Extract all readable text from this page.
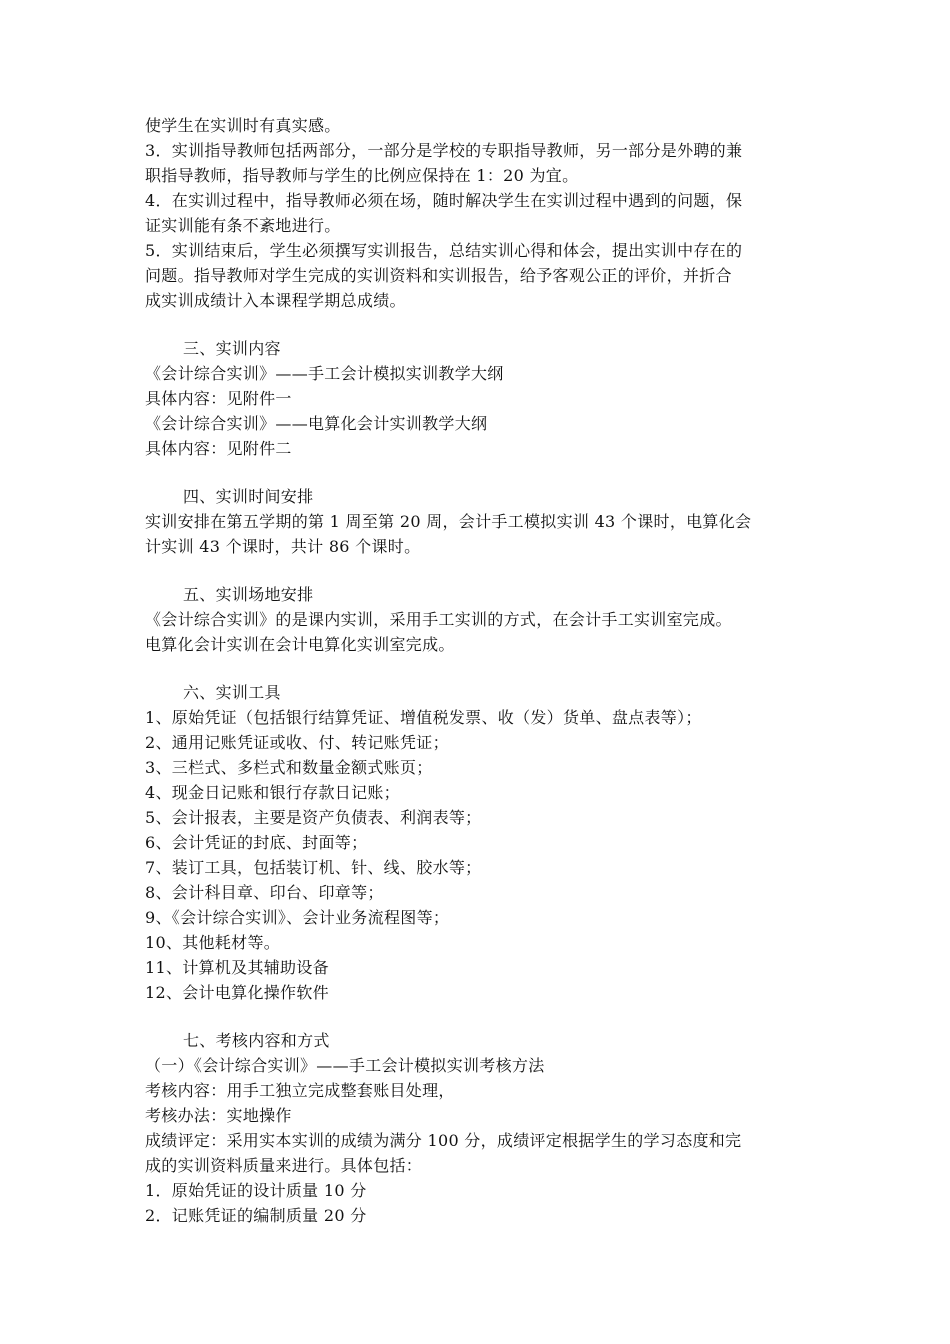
使学生在实训时有真实感。
3．实训指导教师包括两部分，一部分是学校的专职指导教师，另一部分是外聘的兼
职指导教师，指导教师与学生的比例应保持在 1：20 为宜。
4．在实训过程中，指导教师必须在场，随时解决学生在实训过程中遇到的问题，保
证实训能有条不紊地进行。
5．实训结束后，学生必须撰写实训报告，总结实训心得和体会，提出实训中存在的
问题。指导教师对学生完成的实训资料和实训报告，给予客观公正的评价，并折合
成实训成绩计入本课程学期总成绩。
三、实训内容
《会计综合实训》——手工会计模拟实训教学大纲
具体内容：见附件一
《会计综合实训》——电算化会计实训教学大纲
具体内容：见附件二
四、实训时间安排
实训安排在第五学期的第 1 周至第 20 周，会计手工模拟实训 43 个课时，电算化会
计实训 43 个课时，共计 86 个课时。
五、实训场地安排
《会计综合实训》的是课内实训，采用手工实训的方式，在会计手工实训室完成。
电算化会计实训在会计电算化实训室完成。
六、实训工具
1、原始凭证（包括银行结算凭证、增值税发票、收（发）货单、盘点表等）；
2、通用记账凭证或收、付、转记账凭证；
3、三栏式、多栏式和数量金额式账页；
4、现金日记账和银行存款日记账；
5、会计报表，主要是资产负债表、利润表等；
6、会计凭证的封底、封面等；
7、装订工具，包括装订机、针、线、胶水等；
8、会计科目章、印台、印章等；
9、《会计综合实训》、会计业务流程图等；
10、其他耗材等。
11、计算机及其辅助设备
12、会计电算化操作软件
七、考核内容和方式
（一）《会计综合实训》——手工会计模拟实训考核方法
考核内容：用手工独立完成整套账目处理，
考核办法：实地操作
成绩评定：采用实本实训的成绩为满分 100 分，成绩评定根据学生的学习态度和完
成的实训资料质量来进行。具体包括：
1．原始凭证的设计质量 10 分
2．记账凭证的编制质量 20 分
